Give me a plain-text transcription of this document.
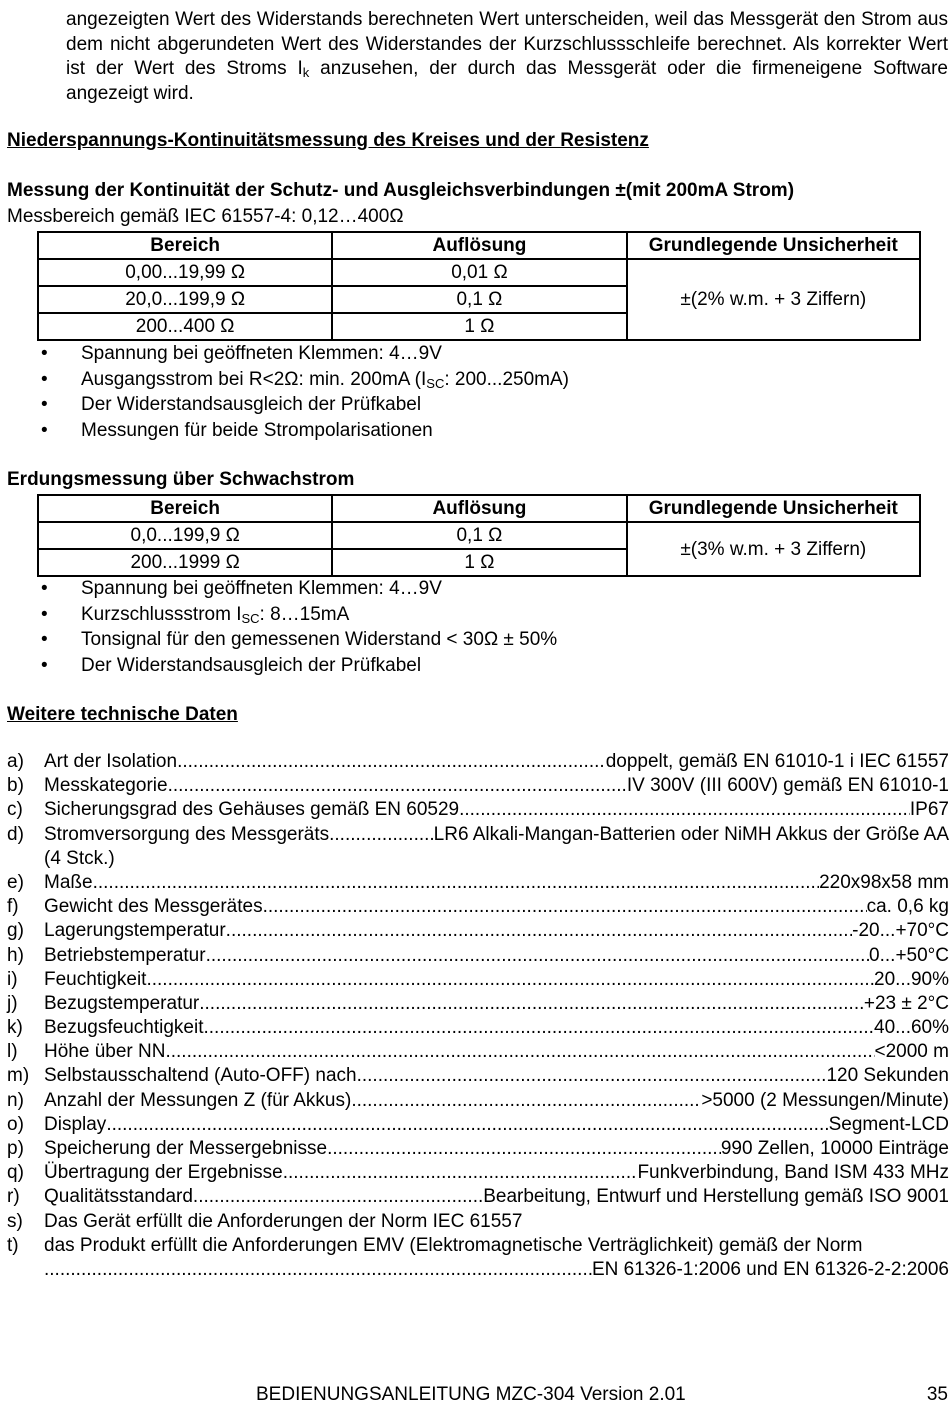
angezeigten Wert des Widerstands berechneten Wert unterscheiden, weil das Messgerät den Strom aus dem nicht abgerundeten Wert des Widerstandes der Kurzschlussschleife berechnet. Als korrekter Wert ist der Wert des Stroms $I_k$ anzusehen, der durch das Messgerät oder die firmeneigene Software angezeigt wird.
Niederspannungs-Kontinuitätsmessung des Kreises und der Resistenz
Messung der Kontinuität der Schutz- und Ausgleichsverbindungen ±(mit 200mA Strom)
Messbereich gemäß IEC 61557-4: 0,12…400Ω
Bereich	Auflösung	Grundlegende Unsicherheit
0,00...19,99 Ω	0,01 Ω	±(2% w.m. + 3 Ziffern)
20,0...199,9 Ω	0,1 Ω	
200...400 Ω	1 Ω	
• Spannung bei geöffneten Klemmen: 4…9V
• Ausgangsstrom bei R<2Ω: min. 200mA ($I_{SC}$: 200...250mA)
• Der Widerstandsausgleich der Prüfkabel
• Messungen für beide Strompolarisationen
Erdungsmessung über Schwachstrom
Bereich	Auflösung	Grundlegende Unsicherheit
0,0...199,9 Ω	0,1 Ω	±(3% w.m. + 3 Ziffern)
200...1999 Ω	1 Ω	
• Spannung bei geöffneten Klemmen: 4…9V
• Kurzschlussstrom $I_{SC}$: 8…15mA
• Tonsignal für den gemessenen Widerstand < 30Ω ± 50%
• Der Widerstandsausgleich der Prüfkabel
Weitere technische Daten
a) Art der Isolation .....	doppelt, gemäß EN 61010-1 i IEC 61557
b) Messkategorie .....	IV 300V (III 600V) gemäß EN 61010-1
c) Sicherungsgrad des Gehäuses gemäß EN 60529 .....	IP67
d) Stromversorgung des Messgeräts .....	LR6 Alkali-Mangan-Batterien oder NiMH Akkus der Größe AA
(4 Stck.)
e) Maße .....	220x98x58 mm
f) Gewicht des Messgerätes .....	ca. 0,6 kg
g) Lagerungstemperatur .....	-20...+70°C
h) Betriebstemperatur .....	0...+50°C
i) Feuchtigkeit .....	20...90%
j) Bezugstemperatur .....	+23 ± 2°C
k) Bezugsfeuchtigkeit .....	40...60%
l) Höhe über NN .....	<2000 m
m) Selbstausschaltend (Auto-OFF) nach .....	120 Sekunden
n) Anzahl der Messungen Z (für Akkus) .....	>5000 (2 Messungen/Minute)
o) Display .....	Segment-LCD
p) Speicherung der Messergebnisse .....	990 Zellen, 10000 Einträge
q) Übertragung der Ergebnisse .....	Funkverbindung, Band ISM 433 MHz
r) Qualitätsstandard .....	Bearbeitung, Entwurf und Herstellung gemäß ISO 9001
s) Das Gerät erfüllt die Anforderungen der Norm IEC 61557
t) das Produkt erfüllt die Anforderungen EMV (Elektromagnetische Verträglichkeit) gemäß der Norm
.....
EN 61326-1:2006 und EN 61326-2-2:2006
BEDIENUNGSANLEITUNG MZC-304 Version 2.01	35
